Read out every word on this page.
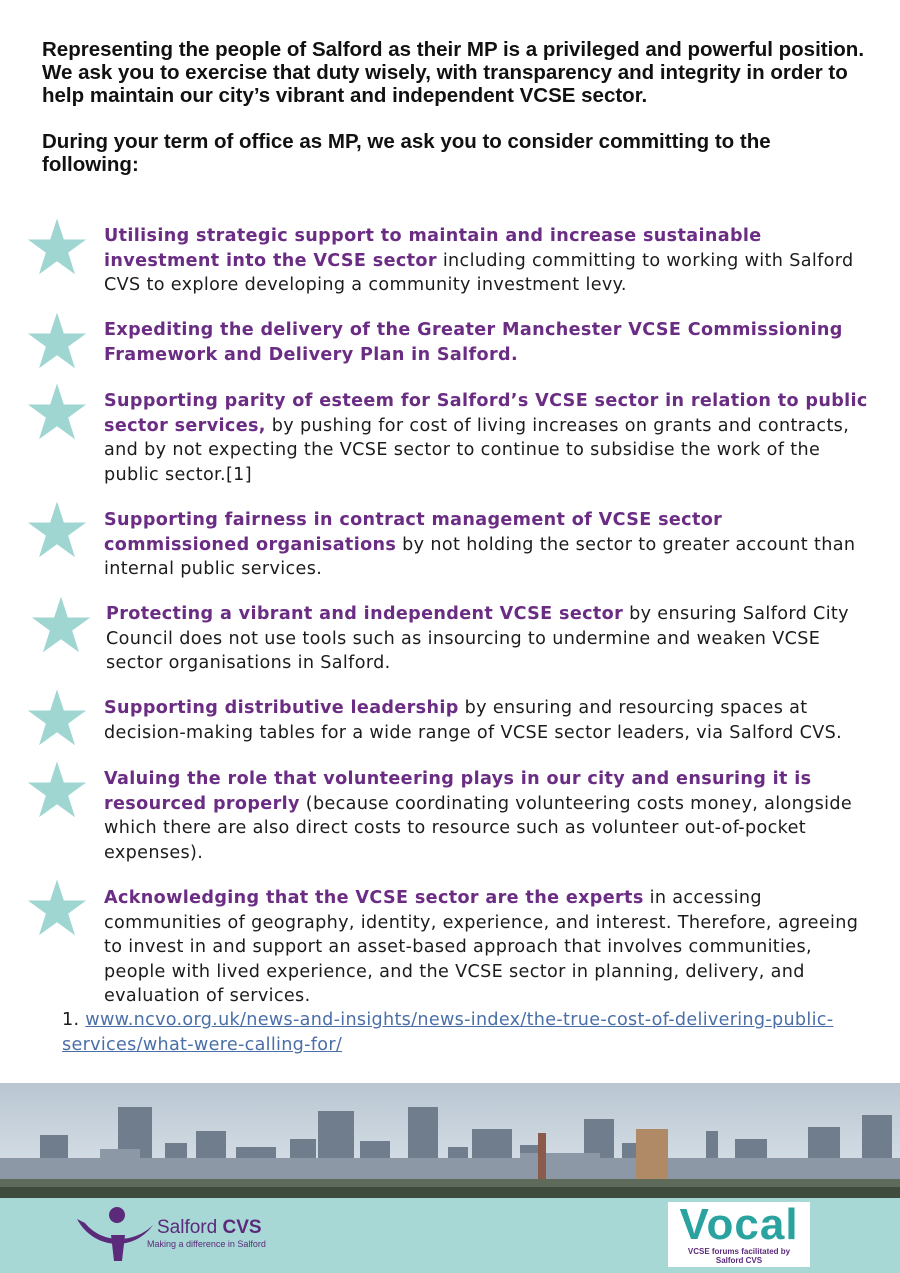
Representing the people of Salford as their MP is a privileged and powerful position. We ask you to exercise that duty wisely, with transparency and integrity in order to help maintain our city’s vibrant and independent VCSE sector.

During your term of office as MP, we ask you to consider committing to the following:

Utilising strategic support to maintain and increase sustainable investment into the VCSE sector including committing to working with Salford CVS to explore developing a community investment levy.
Expediting the delivery of the Greater Manchester VCSE Commissioning Framework and Delivery Plan in Salford.
Supporting parity of esteem for Salford’s VCSE sector in relation to public sector services, by pushing for cost of living increases on grants and contracts, and by not expecting the VCSE sector to continue to subsidise the work of the public sector.[1]
Supporting fairness in contract management of VCSE sector commissioned organisations by not holding the sector to greater account than internal public services.
Protecting a vibrant and independent VCSE sector by ensuring Salford City Council does not use tools such as insourcing to undermine and weaken VCSE sector organisations in Salford.
Supporting distributive leadership by ensuring and resourcing spaces at decision-making tables for a wide range of VCSE sector leaders, via Salford CVS.
Valuing the role that volunteering plays in our city and ensuring it is resourced properly (because coordinating volunteering costs money, alongside which there are also direct costs to resource such as volunteer out-of-pocket expenses).
Acknowledging that the VCSE sector are the experts in accessing communities of geography, identity, experience, and interest. Therefore, agreeing to invest in and support an asset-based approach that involves communities, people with lived experience, and the VCSE sector in planning, delivery, and evaluation of services.
1. www.ncvo.org.uk/news-and-insights/news-index/the-true-cost-of-delivering-public-services/what-were-calling-for/
Salford CVS
Making a difference in Salford	Vocal
VCSE forums facilitated by
Salford CVS
